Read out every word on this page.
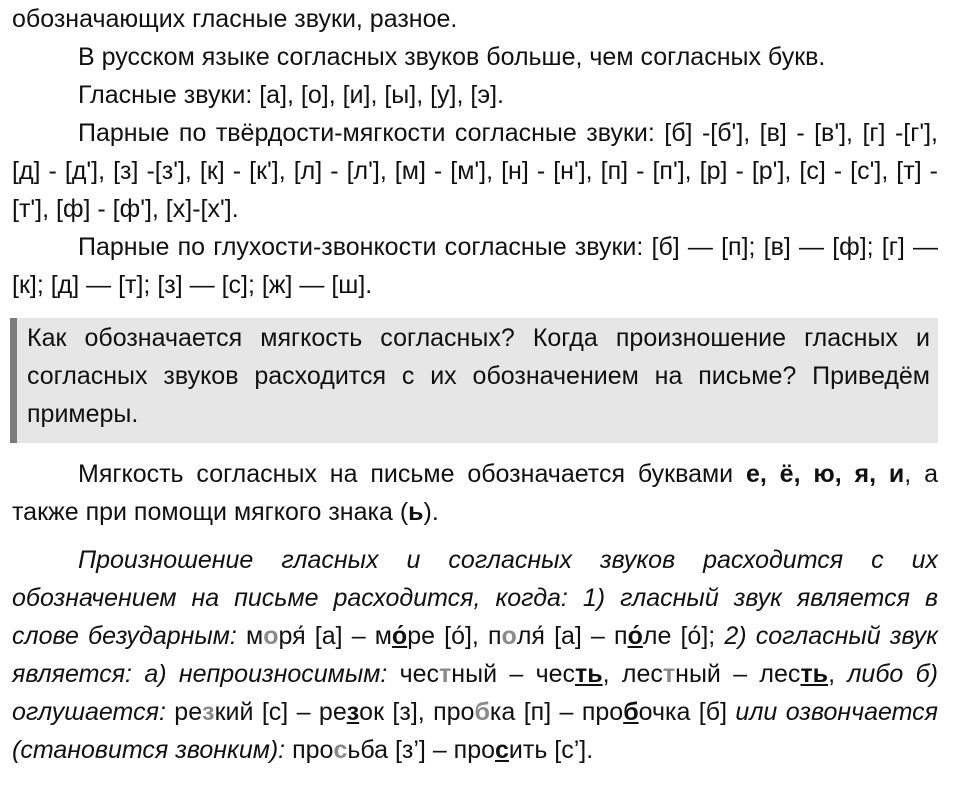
обозначающих гласные звуки, разное.

В русском языке согласных звуков больше, чем согласных букв.

Гласные звуки: [а], [о], [и], [ы], [у], [э].

Парные по твёрдости-мягкости согласные звуки: [б] -[б'], [в] - [в'], [г] -[г'], [д] - [д'], [з] -[з'], [к] - [к'], [л] - [л'], [м] - [м'], [н] - [н'], [п] - [п'], [р] - [р'], [с] - [с'], [т] - [т'], [ф] - [ф'], [х]-[х'].

Парные по глухости-звонкости согласные звуки: [б] — [п]; [в] — [ф]; [г] — [к]; [д] — [т]; [з] — [с]; [ж] — [ш].

Как обозначается мягкость согласных? Когда произношение гласных и согласных звуков расходится с их обозначением на письме? Приведём примеры.

Мягкость согласных на письме обозначается буквами е, ё, ю, я, и, а также при помощи мягкого знака (ь).

Произношение гласных и согласных звуков расходится с их обозначением на письме расходится, когда: 1) гласный звук является в слове безударным: моря́ [а] – мо́ре [о́], поля́ [а] – по́ле [о́]; 2) согласный звук является: а) непроизносимым: честный – честь, лестный – лесть, либо б) оглушается: резкий [с] – резок [з], пробка [п] – пробочка [б] или озвончается (становится звонким): просьба [з’] – просить [с’].
